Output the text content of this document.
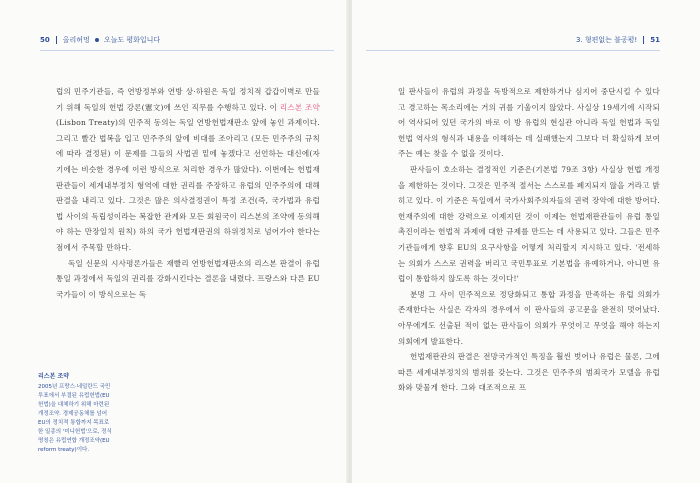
50 올리허멍 오늘도 평화입니다

럽의 민주기관들, 즉 연방정부와 연방 상·하원은 독일 정치적 갑갑이벽로 만들기 위해 독일의 헌법 강론(憲文)에 쓰인 직무를 수행하고 있다. 이 리스본 조약(Lisbon Treaty)의 민주적 동의는 독일 연방헌법재판소 앞에 놓인 과제이다. 그리고 빨간 법복을 입고 민주주의 앞에 비대를 조아리고 (모든 민주주의 규칙에 따라 결정된) 이 문제를 그들의 사법권 밑에 놓겠다고 선언하는 대신에(자기에는 비슷한 경우에 이런 방식으로 처리한 경우가 많았다). 이번에는 헌법재판관들이 세계내부정치 형역에 대한 권리를 주장하고 유럽의 민주주의에 대해 판결을 내리고 있다. 그것은 많은 의사결정권이 특정 조건(즉, 국가법과 유럽법 사이의 독립성이라는 복잡한 관계와 모든 회원국이 리스본의 조약에 동의해야 하는 만장일치 원칙) 하의 국가 헌법재판권의 하위정치로 넘어가야 한다는 점에서 주목할 만하다.

독일 신문의 시사평론가들은 재빨리 연방헌법재판소의 리스본 판결이 유럽 통일 과정에서 독일의 권리를 강화시킨다는 결론을 내렸다. 프랑스와 다른 EU 국가들이 이 방식으로는 독

리스본 조약
2005년 프랑스·네덜란드 국민투표에서 부결된 유럽헌법(EU헌법)을 대체하기 위해 마련된 개정조약. 경제공동체를 넘어 EU의 정치적 통합까지 목표로 한 일종의 '미니헌법'으로, 정식 명칭은 유럽연합 개정조약(EU reform treaty)이다.
3. 형편없는 불공평! 51

일 판사들이 유럽의 과정을 독방적으로 제한하거나 심지어 중단시킬 수 있다고 경고하는 목소리에는 거의 귀를 기울이지 않았다. 사실상 19세기에 시작되어 역사되어 있던 국가의 바로 이 방 유럽의 현실관 아니라 독일 헌법과 독일 헌법 역사의 형식과 내용을 이해하는 데 실패했는지 그보다 더 확실하게 보여주는 예는 찾을 수 없을 것이다.

판사들이 호소하는 결정적인 기준은(기본법 79조 3항) 사실상 헌법 개정을 제한하는 것이다. 그것은 민주적 절서는 스스로를 폐지되지 않을 거라고 밝히고 있다. 이 기준은 독일에서 국가사회주의자들의 권력 장악에 대한 방어다. 헌재주의에 대한 강력으로 이제지던 것이 이제는 헌법재판관들이 유럽 통일 촉진이라는 헌법적 과제에 대한 규제를 만드는 데 사용되고 있다. 그들은 민주기관들에게 향후 EU의 요구사항을 어떻게 처리할지 지시하고 있다. '전세하는 의회가 스스로 권력을 버리고 국민투표로 기본법을 유예하거나, 아니면 유럽이 통합하지 않도록 하는 것이다!'

분명 그 사이 민주적으로 정당화되고 통합 과정을 만족하는 유럽 의회가 존재한다는 사실은 각자의 경우에서 이 판사들의 공고문을 완전히 멋어났다. 아무에게도 선출된 적이 없는 판사들이 의회가 무엇이고 무엇을 해야 하는지 의회에게 발표한다.

헌법재판관의 판결은 전망국가적인 특징을 훨씬 벗어나 유럽은 물론, 그에 따른 세계내부정치의 범위를 갖는다. 그것은 민주주의 범죄국가 모델을 유럽화와 맞물게 한다. 그와 대조적으로 프
